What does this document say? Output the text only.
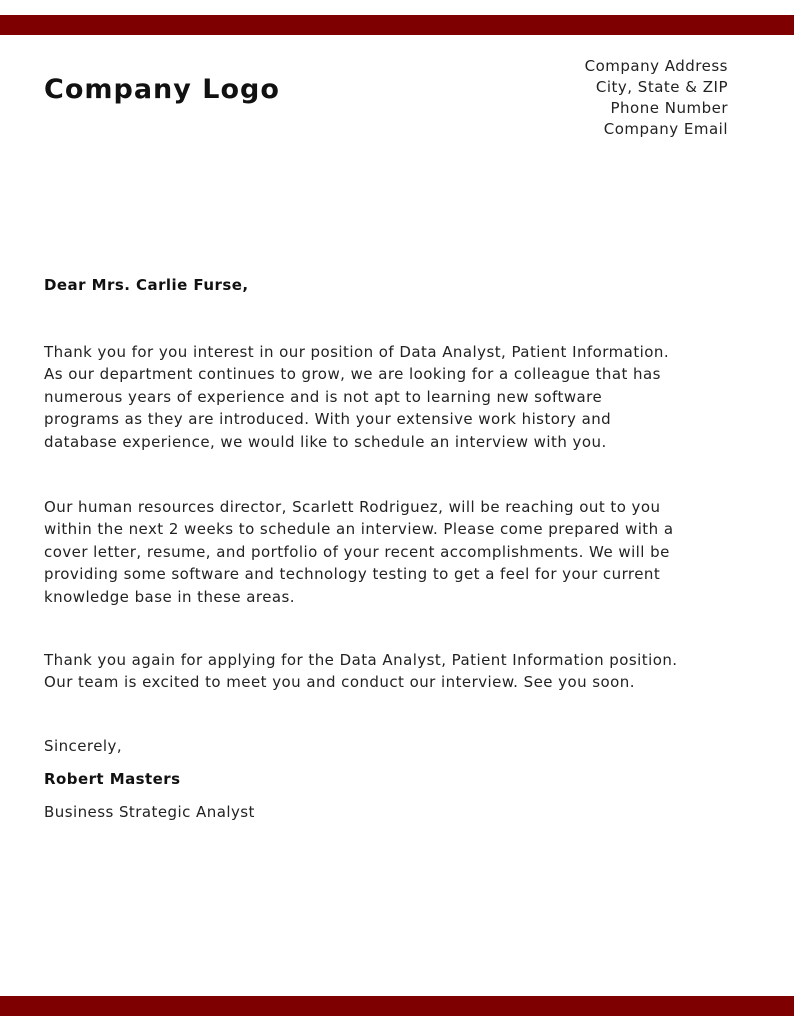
Company Logo
Company Address
City, State & ZIP
Phone Number
Company Email
Dear Mrs. Carlie Furse,

Thank you for you interest in our position of Data Analyst, Patient Information.

As our department continues to grow, we are looking for a colleague that has

numerous years of experience and is not apt to learning new software

programs as they are introduced. With your extensive work history and

database experience, we would like to schedule an interview with you.

Our human resources director, Scarlett Rodriguez, will be reaching out to you

within the next 2 weeks to schedule an interview. Please come prepared with a

cover letter, resume, and portfolio of your recent accomplishments. We will be

providing some software and technology testing to get a feel for your current

knowledge base in these areas.

Thank you again for applying for the Data Analyst, Patient Information position.

Our team is excited to meet you and conduct our interview. See you soon.

Sincerely,
Robert Masters
Business Strategic Analyst
